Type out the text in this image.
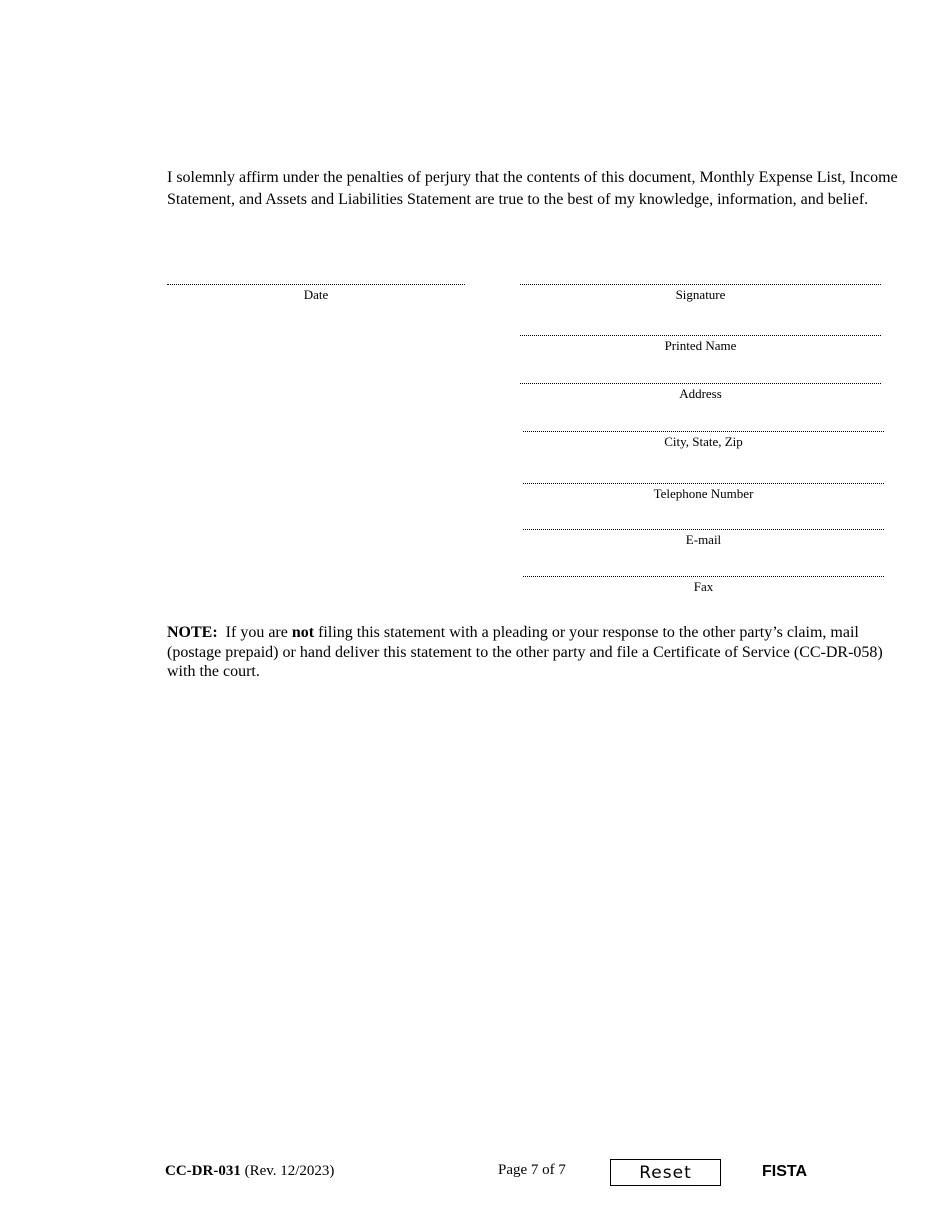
I solemnly affirm under the penalties of perjury that the contents of this document, Monthly Expense List, Income Statement, and Assets and Liabilities Statement are true to the best of my knowledge, information, and belief.
Date	Signature
Printed Name
Address
City, State, Zip
Telephone Number
E-mail
Fax
NOTE: If you are not filing this statement with a pleading or your response to the other party’s claim, mail (postage prepaid) or hand deliver this statement to the other party and file a Certificate of Service (CC-DR-058) with the court.
CC-DR-031 (Rev. 12/2023)	Page 7 of 7	Reset	FISTA
